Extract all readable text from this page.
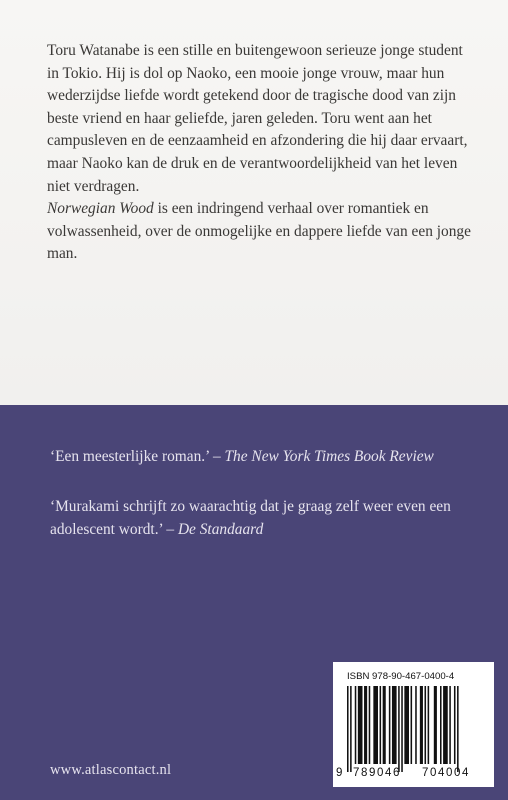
Toru Watanabe is een stille en buitengewoon serieuze jonge student in Tokio. Hij is dol op Naoko, een mooie jonge vrouw, maar hun wederzijdse liefde wordt getekend door de tragische dood van zijn beste vriend en haar geliefde, jaren geleden. Toru went aan het campusleven en de eenzaamheid en afzondering die hij daar ervaart, maar Naoko kan de druk en de verantwoordelijkheid van het leven niet verdragen.

Norwegian Wood is een indringend verhaal over romantiek en volwassenheid, over de onmogelijke en dappere liefde van een jonge man.

‘Een meesterlijke roman.’ – The New York Times Book Review
‘Murakami schrijft zo waarachtig dat je graag zelf weer even een adolescent wordt.’ – De Standaard
www.atlascontact.nl
ISBN 978-90-467-0400-4
9 789046 704004
